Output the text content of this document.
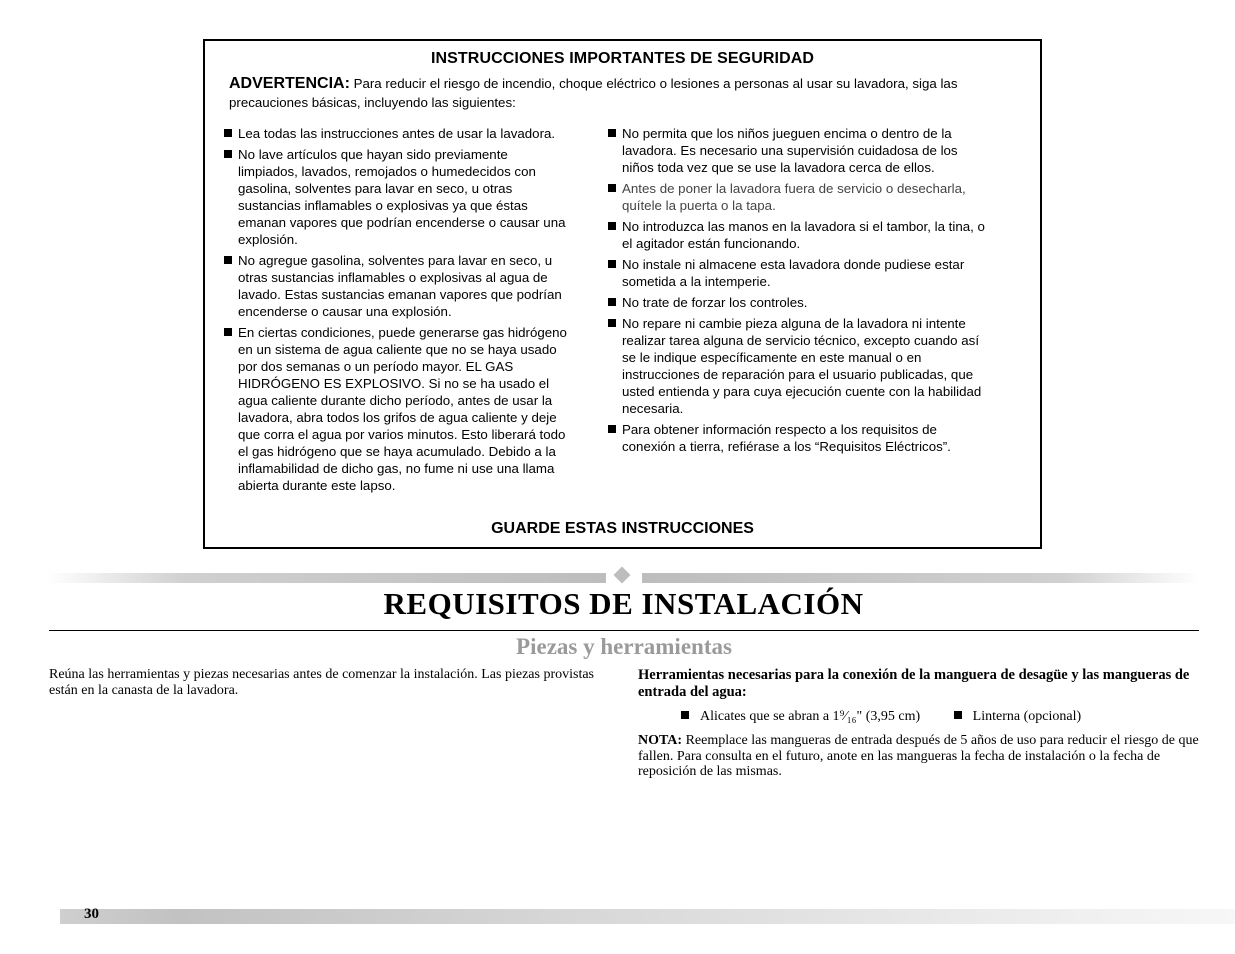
INSTRUCCIONES IMPORTANTES DE SEGURIDAD
ADVERTENCIA: Para reducir el riesgo de incendio, choque eléctrico o lesiones a personas al usar su lavadora, siga las precauciones básicas, incluyendo las siguientes:
Lea todas las instrucciones antes de usar la lavadora.
No lave artículos que hayan sido previamente limpiados, lavados, remojados o humedecidos con gasolina, solventes para lavar en seco, u otras sustancias inflamables o explosivas ya que éstas emanan vapores que podrían encenderse o causar una explosión.
No agregue gasolina, solventes para lavar en seco, u otras sustancias inflamables o explosivas al agua de lavado. Estas sustancias emanan vapores que podrían encenderse o causar una explosión.
En ciertas condiciones, puede generarse gas hidrógeno en un sistema de agua caliente que no se haya usado por dos semanas o un período mayor. EL GAS HIDRÓGENO ES EXPLOSIVO. Si no se ha usado el agua caliente durante dicho período, antes de usar la lavadora, abra todos los grifos de agua caliente y deje que corra el agua por varios minutos. Esto liberará todo el gas hidrógeno que se haya acumulado. Debido a la inflamabilidad de dicho gas, no fume ni use una llama abierta durante este lapso.
No permita que los niños jueguen encima o dentro de la lavadora. Es necesario una supervisión cuidadosa de los niños toda vez que se use la lavadora cerca de ellos.
Antes de poner la lavadora fuera de servicio o desecharla, quítele la puerta o la tapa.
No introduzca las manos en la lavadora si el tambor, la tina, o el agitador están funcionando.
No instale ni almacene esta lavadora donde pudiese estar sometida a la intemperie.
No trate de forzar los controles.
No repare ni cambie pieza alguna de la lavadora ni intente realizar tarea alguna de servicio técnico, excepto cuando así se le indique específicamente en este manual o en instrucciones de reparación para el usuario publicadas, que usted entienda y para cuya ejecución cuente con la habilidad necesaria.
Para obtener información respecto a los requisitos de conexión a tierra, refiérase a los “Requisitos Eléctricos”.
GUARDE ESTAS INSTRUCCIONES
REQUISITOS DE INSTALACIÓN
Piezas y herramientas
Reúna las herramientas y piezas necesarias antes de comenzar la instalación. Las piezas provistas están en la canasta de la lavadora.
Herramientas necesarias para la conexión de la manguera de desagüe y las mangueras de entrada del agua:
Alicates que se abran a 1⁹⁄₁₆" (3,95 cm)	Linterna (opcional)
NOTA: Reemplace las mangueras de entrada después de 5 años de uso para reducir el riesgo de que fallen. Para consulta en el futuro, anote en las mangueras la fecha de instalación o la fecha de reposición de las mismas.
30
